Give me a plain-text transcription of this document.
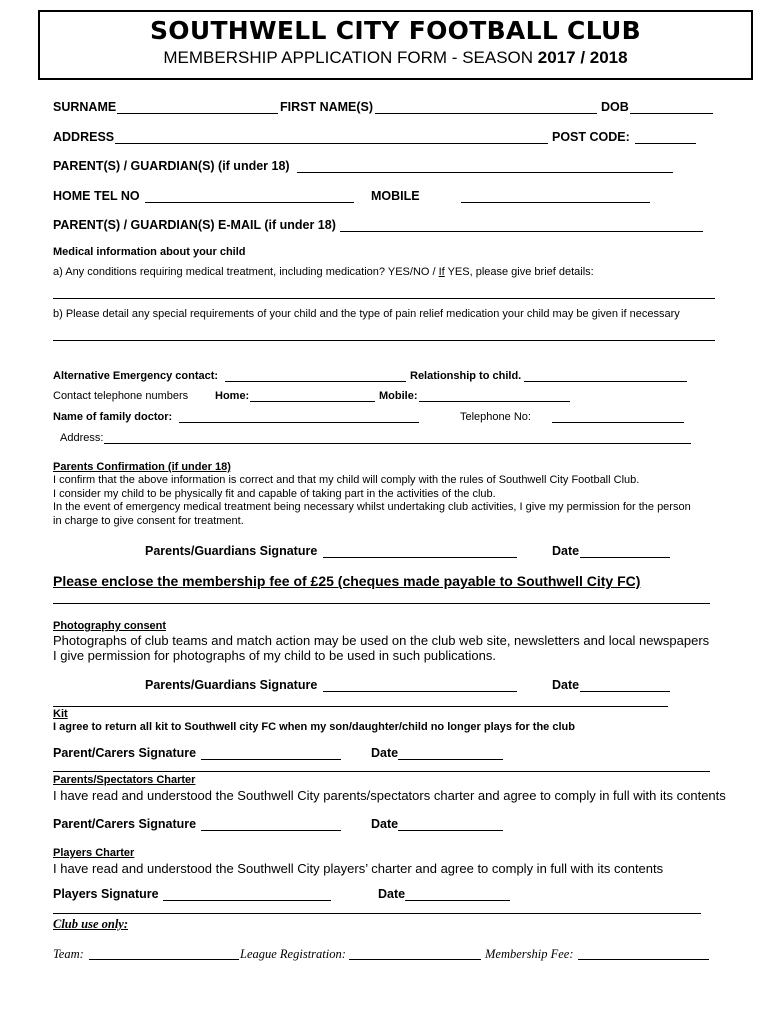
SOUTHWELL CITY FOOTBALL CLUB
MEMBERSHIP APPLICATION FORM - SEASON 2017 / 2018
SURNAME	FIRST NAME(S)	DOB
ADDRESS	POST CODE:
PARENT(S) / GUARDIAN(S) (if under 18)
HOME TEL NO	MOBILE
PARENT(S) / GUARDIAN(S) E-MAIL (if under 18)
Medical information about your child
a) Any conditions requiring medical treatment, including medication? YES/NO / If YES, please give brief details:
b) Please detail any special requirements of your child and the type of pain relief medication your child may be given if necessary
Alternative Emergency contact:	Relationship to child.
Contact telephone numbers Home:	Mobile:
Name of family doctor:	Telephone No:
Address:
Parents Confirmation (if under 18)
I confirm that the above information is correct and that my child will comply with the rules of Southwell City Football Club.
I consider my child to be physically fit and capable of taking part in the activities of the club.
In the event of emergency medical treatment being necessary whilst undertaking club activities, I give my permission for the person
in charge to give consent for treatment.
Parents/Guardians Signature	Date
Please enclose the membership fee of £25 (cheques made payable to Southwell City FC)
Photography consent
Photographs of club teams and match action may be used on the club web site, newsletters and local newspapers
I give permission for photographs of my child to be used in such publications.
Parents/Guardians Signature	Date
Kit
I agree to return all kit to Southwell city FC when my son/daughter/child no longer plays for the club
Parent/Carers Signature	Date
Parents/Spectators Charter
I have read and understood the Southwell City parents/spectators charter and agree to comply in full with its contents
Parent/Carers Signature	Date
Players Charter
I have read and understood the Southwell City players’ charter and agree to comply in full with its contents
Players Signature	Date
Club use only:
Team:	League Registration:	Membership Fee:
